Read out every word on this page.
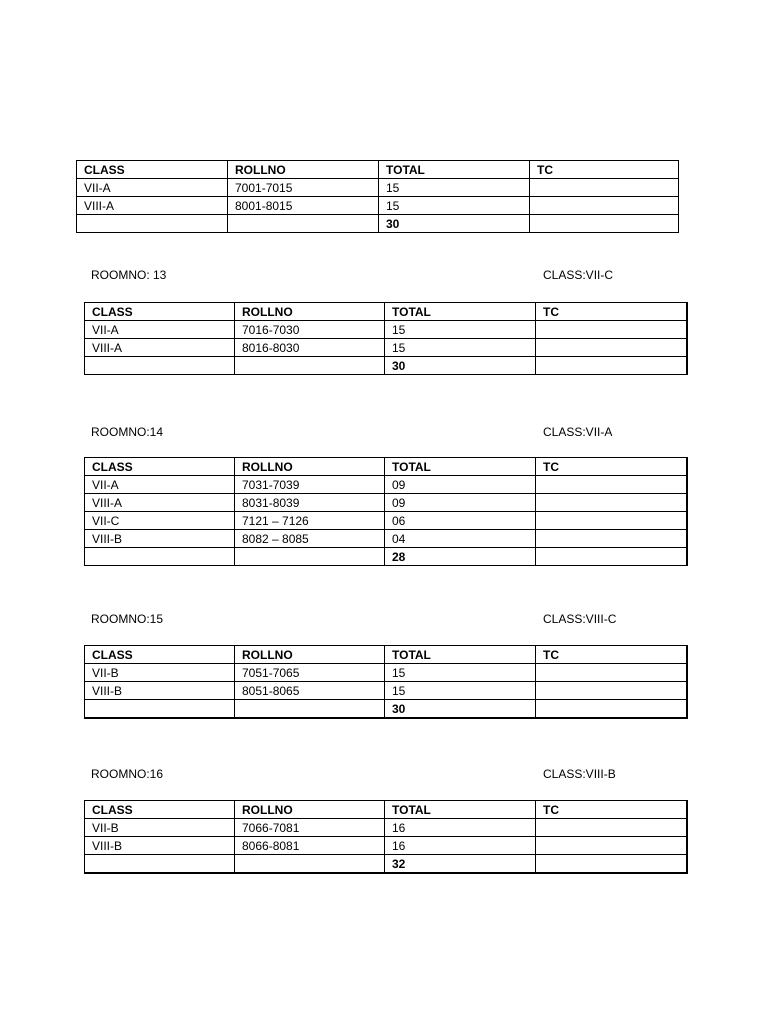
CLASS	ROLLNO	TOTAL	TC
VII-A	7001-7015	15	
VIII-A	8001-8015	15	
		30	
ROOMNO: 13	CLASS:VII-C
CLASS	ROLLNO	TOTAL	TC
VII-A	7016-7030	15	
VIII-A	8016-8030	15	
		30	
ROOMNO:14	CLASS:VII-A
CLASS	ROLLNO	TOTAL	TC
VII-A	7031-7039	09	
VIII-A	8031-8039	09	
VII-C	7121 – 7126	06	
VIII-B	8082 – 8085	04	
		28	
ROOMNO:15	CLASS:VIII-C
CLASS	ROLLNO	TOTAL	TC
VII-B	7051-7065	15	
VIII-B	8051-8065	15	
		30	
ROOMNO:16	CLASS:VIII-B
CLASS	ROLLNO	TOTAL	TC
VII-B	7066-7081	16	
VIII-B	8066-8081	16	
		32	
